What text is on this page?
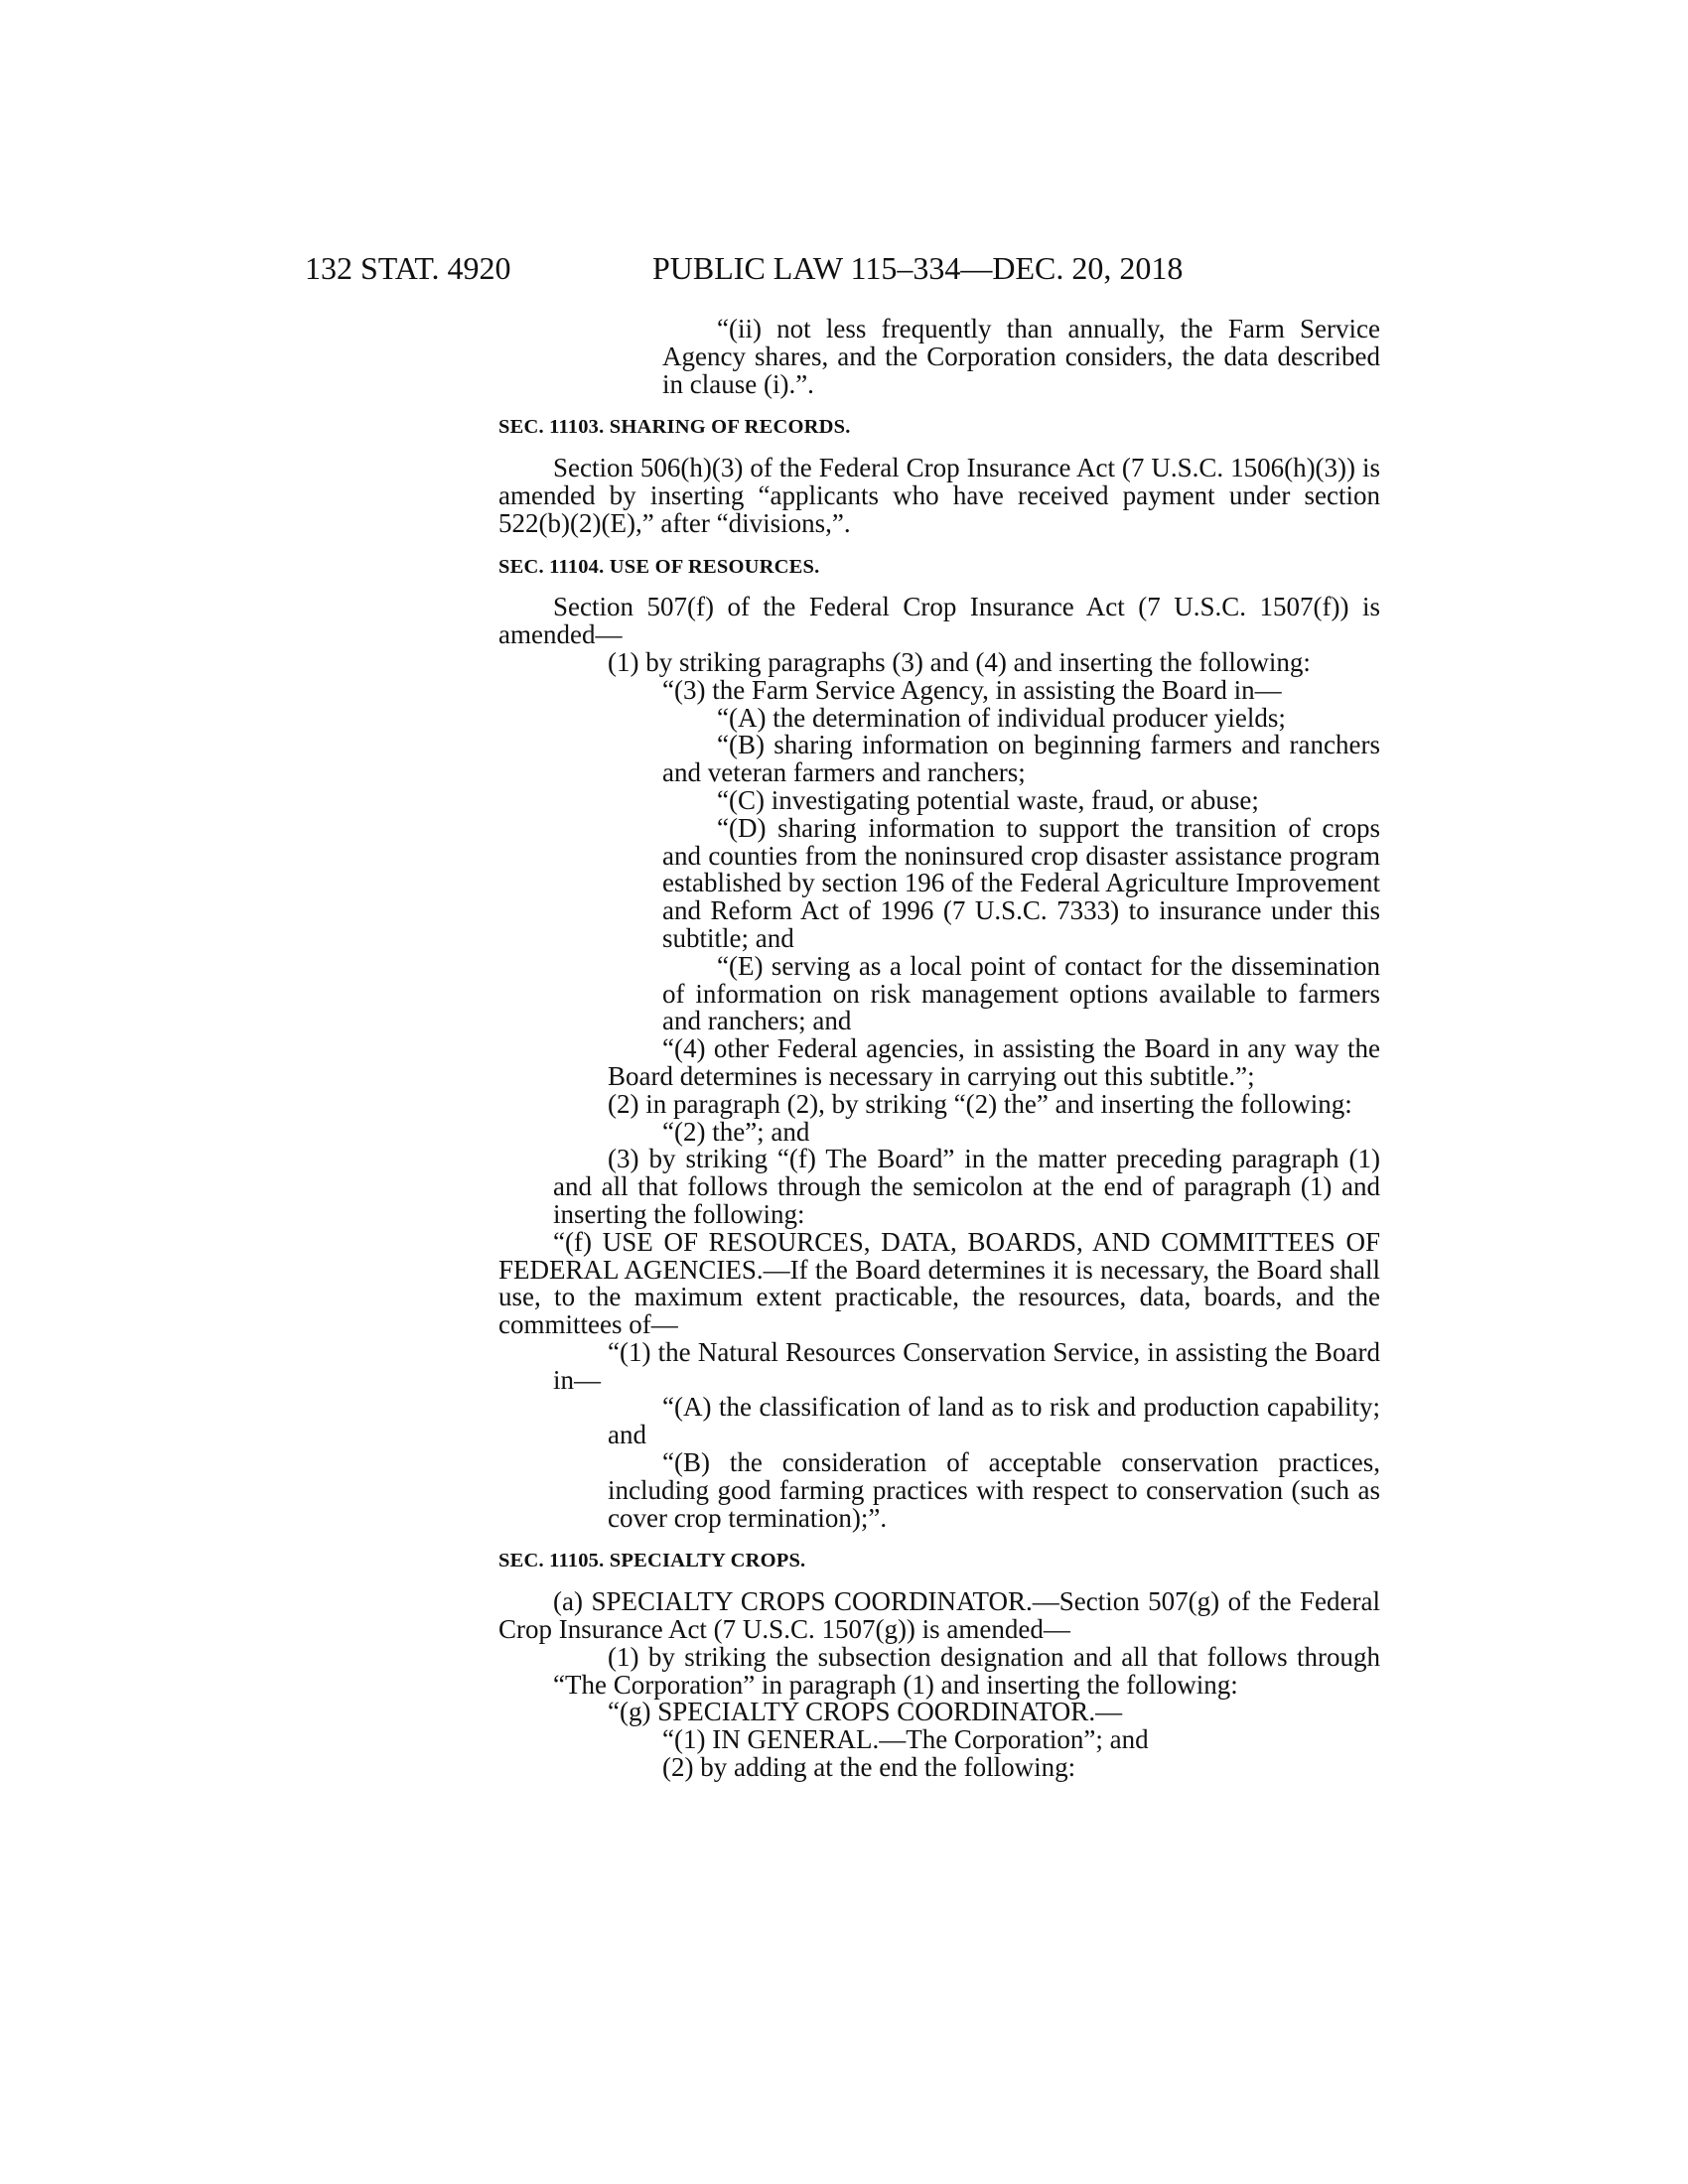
132 STAT. 4920	PUBLIC LAW 115–334—DEC. 20, 2018

“(ii) not less frequently than annually, the Farm Service Agency shares, and the Corporation considers, the data described in clause (i).”.

SEC. 11103. SHARING OF RECORDS.

Section 506(h)(3) of the Federal Crop Insurance Act (7 U.S.C. 1506(h)(3)) is amended by inserting “applicants who have received payment under section 522(b)(2)(E),” after “divisions,”.

SEC. 11104. USE OF RESOURCES.

Section 507(f) of the Federal Crop Insurance Act (7 U.S.C. 1507(f)) is amended—

(1) by striking paragraphs (3) and (4) and inserting the following:

“(3) the Farm Service Agency, in assisting the Board in—

“(A) the determination of individual producer yields;

“(B) sharing information on beginning farmers and ranchers and veteran farmers and ranchers;

“(C) investigating potential waste, fraud, or abuse;

“(D) sharing information to support the transition of crops and counties from the noninsured crop disaster assistance program established by section 196 of the Federal Agriculture Improvement and Reform Act of 1996 (7 U.S.C. 7333) to insurance under this subtitle; and

“(E) serving as a local point of contact for the dissemination of information on risk management options available to farmers and ranchers; and

“(4) other Federal agencies, in assisting the Board in any way the Board determines is necessary in carrying out this subtitle.”;

(2) in paragraph (2), by striking “(2) the” and inserting the following:

“(2) the”; and

(3) by striking “(f) The Board” in the matter preceding paragraph (1) and all that follows through the semicolon at the end of paragraph (1) and inserting the following:

“(f) USE OF RESOURCES, DATA, BOARDS, AND COMMITTEES OF FEDERAL AGENCIES.—If the Board determines it is necessary, the Board shall use, to the maximum extent practicable, the resources, data, boards, and the committees of—

“(1) the Natural Resources Conservation Service, in assisting the Board in—

“(A) the classification of land as to risk and production capability; and

“(B) the consideration of acceptable conservation practices, including good farming practices with respect to conservation (such as cover crop termination);”.

SEC. 11105. SPECIALTY CROPS.

(a) SPECIALTY CROPS COORDINATOR.—Section 507(g) of the Federal Crop Insurance Act (7 U.S.C. 1507(g)) is amended—

(1) by striking the subsection designation and all that follows through “The Corporation” in paragraph (1) and inserting the following:

“(g) SPECIALTY CROPS COORDINATOR.—

“(1) IN GENERAL.—The Corporation”; and

(2) by adding at the end the following:
